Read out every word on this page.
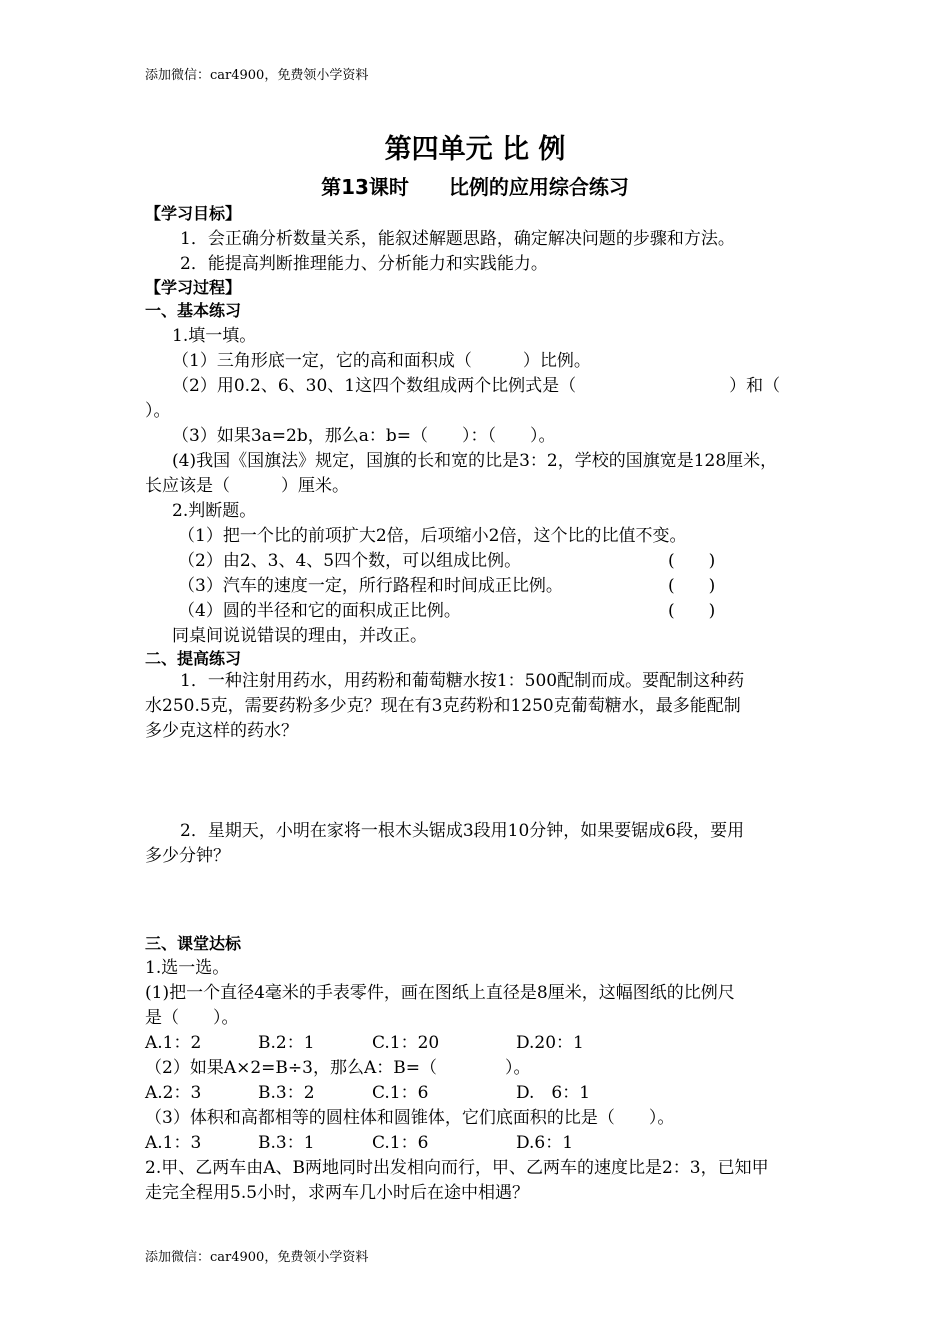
添加微信：car4900，免费领小学资料
第四单元 比 例
第13课时　　比例的应用综合练习
【学习目标】
1．会正确分析数量关系，能叙述解题思路，确定解决问题的步骤和方法。
2．能提高判断推理能力、分析能力和实践能力。
【学习过程】
一、基本练习
1.填一填。
（1）三角形底一定，它的高和面积成（　　　）比例。
（2）用0.2、6、30、1这四个数组成两个比例式是（　　　　　　　　　）和（
）。
（3）如果3a=2b，那么a：b=（　　）：（　　）。
(4)我国《国旗法》规定，国旗的长和宽的比是3：2，学校的国旗宽是128厘米，
长应该是（　　　）厘米。
2.判断题。
（1）把一个比的前项扩大2倍，后项缩小2倍，这个比的比值不变。
（2）由2、3、4、5四个数，可以组成比例。	(　　)
（3）汽车的速度一定，所行路程和时间成正比例。	(　　)
（4）圆的半径和它的面积成正比例。	(　　)
同桌间说说错误的理由，并改正。
二、提高练习
1．一种注射用药水，用药粉和葡萄糖水按1：500配制而成。要配制这种药
水250.5克，需要药粉多少克？现在有3克药粉和1250克葡萄糖水，最多能配制
多少克这样的药水？
2．星期天，小明在家将一根木头锯成3段用10分钟，如果要锯成6段，要用
多少分钟？
三、课堂达标
1.选一选。
(1)把一个直径4毫米的手表零件，画在图纸上直径是8厘米，这幅图纸的比例尺
是（　　）。
A.1：2	B.2：1	C.1：20	D.20：1
（2）如果A×2=B÷3，那么A：B=（　　　　）。
A.2：3	B.3：2	C.1：6	D.　6：1
（3）体积和高都相等的圆柱体和圆锥体，它们底面积的比是（　　）。
A.1：3	B.3：1	C.1：6	D.6：1
2.甲、乙两车由A、B两地同时出发相向而行，甲、乙两车的速度比是2：3，已知甲
走完全程用5.5小时，求两车几小时后在途中相遇？
添加微信：car4900，免费领小学资料
